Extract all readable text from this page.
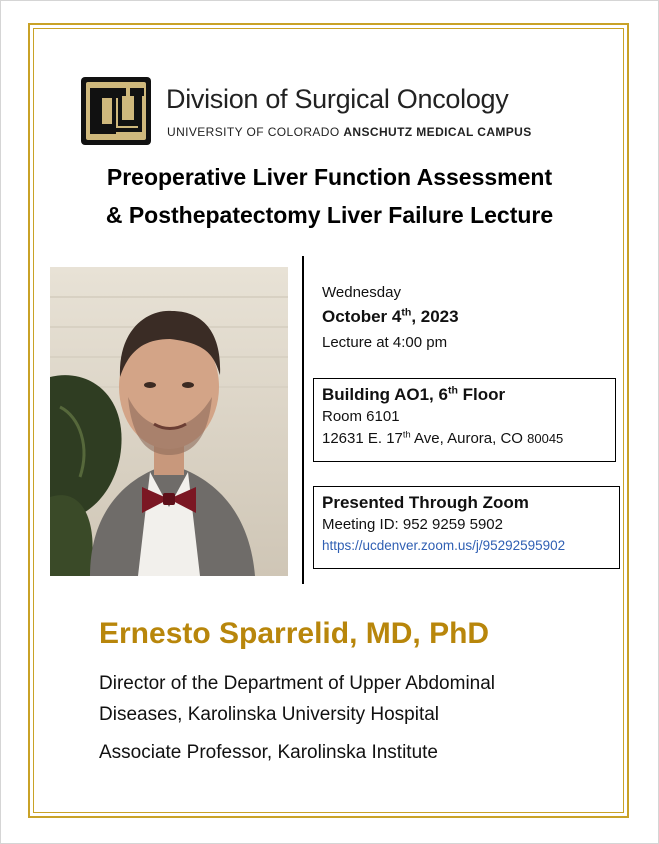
Division of Surgical Oncology
UNIVERSITY OF COLORADO ANSCHUTZ MEDICAL CAMPUS
Preoperative Liver Function Assessment
& Posthepatectomy Liver Failure Lecture
Wednesday
October 4th, 2023
Lecture at 4:00 pm
Building AO1, 6th Floor
Room 6101
12631 E. 17th Ave, Aurora, CO 80045
Presented Through Zoom
Meeting ID: 952 9259 5902
https://ucdenver.zoom.us/j/95292595902
Ernesto Sparrelid, MD, PhD
Director of the Department of Upper Abdominal
Diseases, Karolinska University Hospital
Associate Professor, Karolinska Institute
